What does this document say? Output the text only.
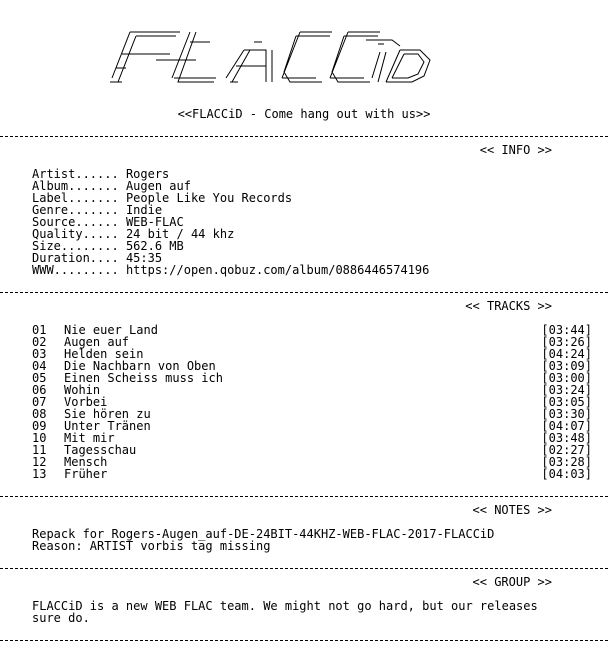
<<FLACCiD - Come hang out with us>>
<< INFO >>
Artist...... Rogers
Album....... Augen auf
Label....... People Like You Records
Genre....... Indie
Source...... WEB-FLAC
Quality..... 24 bit / 44 khz
Size........ 562.6 MB
Duration.... 45:35
WWW......... https://open.qobuz.com/album/0886446574196
<< TRACKS >>
01 Nie euer Land	[03:44]
02 Augen auf	[03:26]
03 Helden sein	[04:24]
04 Die Nachbarn von Oben	[03:09]
05 Einen Scheiss muss ich	[03:00]
06 Wohin	[03:24]
07 Vorbei	[03:05]
08 Sie hören zu	[03:30]
09 Unter Tränen	[04:07]
10 Mit mir	[03:48]
11 Tagesschau	[02:27]
12 Mensch	[03:28]
13 Früher	[04:03]
<< NOTES >>
Repack for Rogers-Augen_auf-DE-24BIT-44KHZ-WEB-FLAC-2017-FLACCiD
Reason: ARTIST vorbis tag missing
<< GROUP >>
FLACCiD is a new WEB FLAC team. We might not go hard, but our releases
sure do.
